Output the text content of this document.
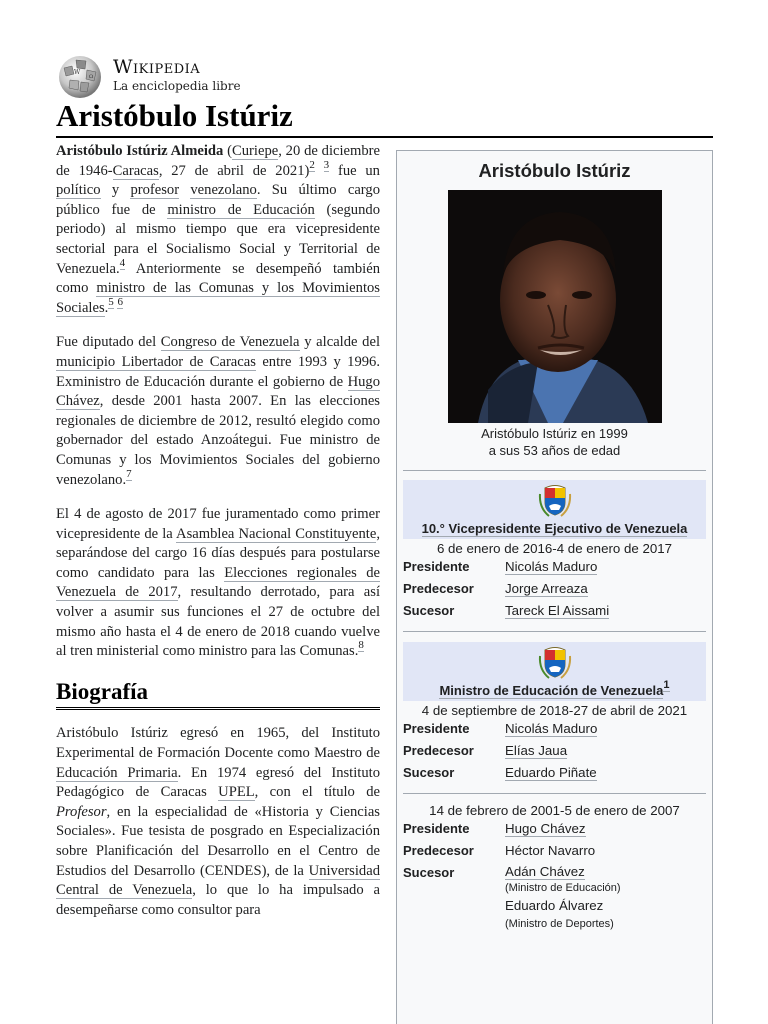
W
Ω Wikipedia
La enciclopedia libre
Aristóbulo Istúriz

Aristóbulo Istúriz Almeida (Curiepe, 20 de diciembre de 1946-Caracas, 27 de abril de 2021)$^2$ $^3$ fue un político y profesor venezolano. Su último cargo público fue de ministro de Educación (segundo periodo) al mismo tiempo que era vicepresidente sectorial para el Socialismo Social y Territorial de Venezuela.$^4$ Anteriormente se desempeñó también como ministro de las Comunas y los Movimientos Sociales.$^5$ $^6$

Fue diputado del Congreso de Venezuela y alcalde del municipio Libertador de Caracas entre 1993 y 1996. Exministro de Educación durante el gobierno de Hugo Chávez, desde 2001 hasta 2007. En las elecciones regionales de diciembre de 2012, resultó elegido como gobernador del estado Anzoátegui. Fue ministro de Comunas y los Movimientos Sociales del gobierno venezolano.$^7$

El 4 de agosto de 2017 fue juramentado como primer vicepresidente de la Asamblea Nacional Constituyente, separándose del cargo 16 días después para postularse como candidato para las Elecciones regionales de Venezuela de 2017, resultando derrotado, para así volver a asumir sus funciones el 27 de octubre del mismo año hasta el 4 de enero de 2018 cuando vuelve al tren ministerial como ministro para las Comunas.$^8$

Biografía

Aristóbulo Istúriz egresó en 1965, del Instituto Experimental de Formación Docente como Maestro de Educación Primaria. En 1974 egresó del Instituto Pedagógico de Caracas UPEL, con el título de Profesor, en la especialidad de «Historia y Ciencias Sociales». Fue tesista de posgrado en Especialización sobre Planificación del Desarrollo en el Centro de Estudios del Desarrollo (CENDES), de la Universidad Central de Venezuela, lo que lo ha impulsado a desempeñarse como consultor para

Aristóbulo Istúriz
Aristóbulo Istúriz en 1999
a sus 53 años de edad
10.° Vicepresidente Ejecutivo de Venezuela
6 de enero de 2016-4 de enero de 2017
Presidente	Nicolás Maduro
Predecesor Jorge Arreaza
Sucesor	Tareck El Aissami
Ministro de Educación de Venezuela$^1$
4 de septiembre de 2018-27 de abril de 2021
Presidente	Nicolás Maduro
Predecesor Elías Jaua
Sucesor	Eduardo Piñate
14 de febrero de 2001-5 de enero de 2007
Presidente	Hugo Chávez
Predecesor Héctor Navarro
Sucesor	Adán Chávez
(Ministro de Educación)
Eduardo Álvarez
(Ministro de Deportes)
